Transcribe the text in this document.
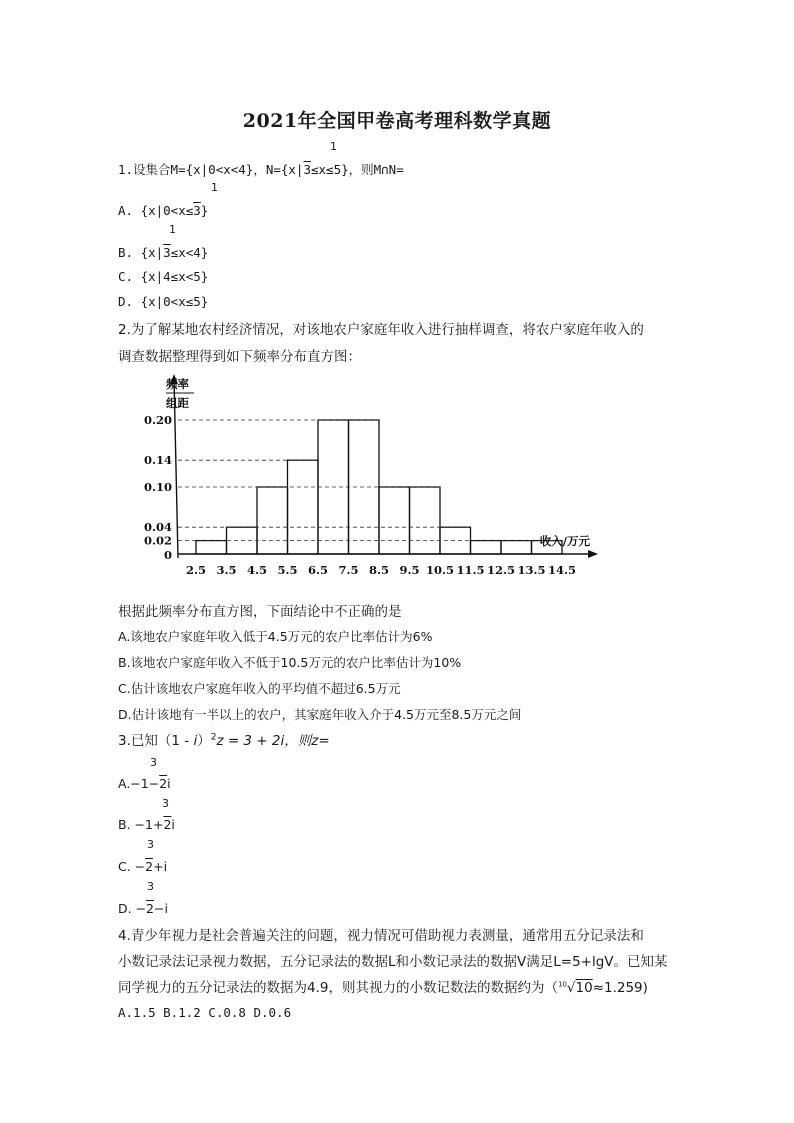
2021年全国甲卷高考理科数学真题
1
1.设集合M={x|0<x<4}，N={x|3≤x≤5}，则M∩N=
1
A. {x|0<x≤3}
1
B. {x|3≤x<4}
C. {x|4≤x<5}
D. {x|0<x≤5}
2.为了解某地农村经济情况，对该地农户家庭年收入进行抽样调查，将农户家庭年收入的
调查数据整理得到如下频率分布直方图：
频率
组距
0.20
0.14
0.10
0.04
0.02
0
2.5 3.5 4.5 5.5 6.5 7.5 8.5 9.5 10.5 11.5 12.5 13.5 14.5
收入/万元
根据此频率分布直方图，下面结论中不正确的是
A.该地农户家庭年收入低于4.5万元的农户比率估计为6%
B.该地农户家庭年收入不低于10.5万元的农户比率估计为10%
C.估计该地农户家庭年收入的平均值不超过6.5万元
D.估计该地有一半以上的农户，其家庭年收入介于4.5万元至8.5万元之间
3.已知（1 - i）$^2$z = 3 + 2i，则z=
3
A.−1−2i
3
B. −1+2i
3
C. −2+i
3
D. −2−i
4.青少年视力是社会普遍关注的问题，视力情况可借助视力表测量，通常用五分记录法和
小数记录法记录视力数据，五分记录法的数据L和小数记录法的数据V满足L=5+lgV。已知某
同学视力的五分记录法的数据为4.9，则其视力的小数记数法的数据约为（$^{10}$√10≈1.259)
A.1.5 B.1.2 C.0.8 D.0.6
